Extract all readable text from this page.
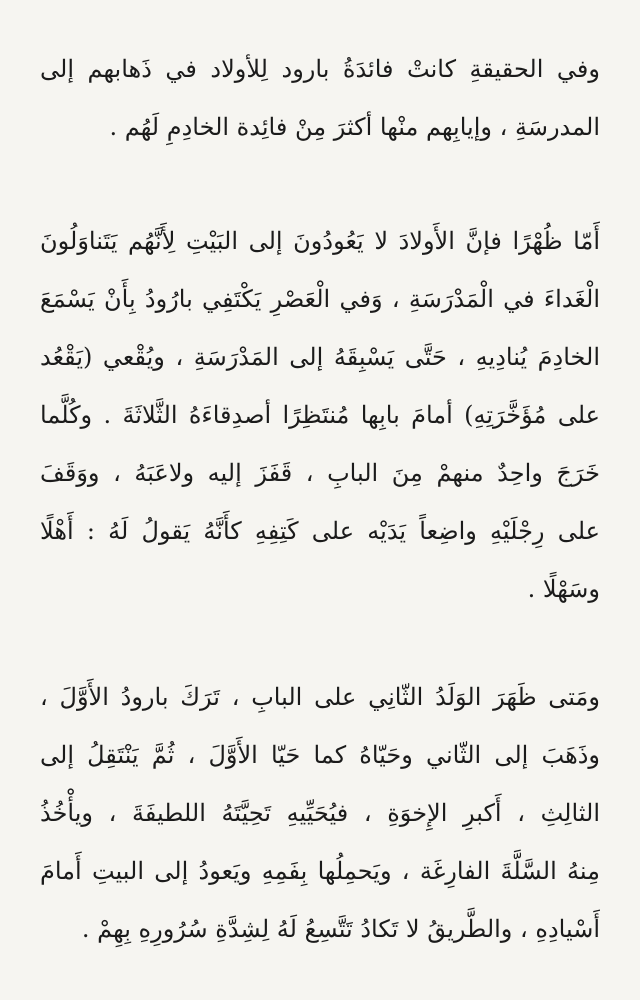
وفي الحقيقةِ كانتْ فائدَةُ بارود لِلأولاد في ذَهابهم إلى
المدرسَةِ ، وإيابِهم منْها أكثرَ مِنْ فائِدة الخادِمِ لَهُم .
أَمّا ظُهْرًا فإنَّ الأَولادَ لا يَعُودُونَ إلى البَيْتِ لِأَنَّهُم يَتَناوَلُونَ
الْغَداءَ في الْمَدْرَسَةِ ، وَفي الْعَصْرِ يَكْتَفِي بارُودُ بِأَنْ يَسْمَعَ
الخادِمَ يُنادِيهِ ، حَتَّى يَسْبِقَهُ إلى المَدْرَسَةِ ، ويُقْعي (يَقْعُد
على مُؤَخَّرَتِهِ) أمامَ بابِها مُنتَظِرًا أصدِقاءَهُ الثَّلاثَةَ . وكُلَّما
خَرَجَ واحِدٌ منهمْ مِنَ البابِ ، قَفَزَ إليه ولاعَبَهُ ، ووَقَفَ
على رِجْلَيْهِ واضِعاً يَدَيْه على كَتِفِهِ كأَنَّهُ يَقولُ لَهُ : أَهْلًا
وسَهْلًا .
ومَتى ظَهَرَ الوَلَدُ الثّانِي على البابِ ، تَرَكَ بارودُ الأَوَّلَ ،
وذَهَبَ إلى الثّاني وحَيّاهُ كما حَيّا الأَوَّلَ ، ثُمَّ يَنْتَقِلُ إلى
الثالِثِ ، أَكبرِ الإِخوَةِ ، فيُحَيِّيهِ تَحِيَّتَهُ اللطيفَةَ ، ويأْخُذُ
مِنهُ السَّلَّةَ الفارِغَة ، ويَحمِلُها بِفَمِهِ ويَعودُ إلى البيتِ أَمامَ
أَسْيادِهِ ، والطَّريقُ لا تَكادُ تَتَّسِعُ لَهُ لِشِدَّةِ سُرُورِهِ بِهِمْ .
